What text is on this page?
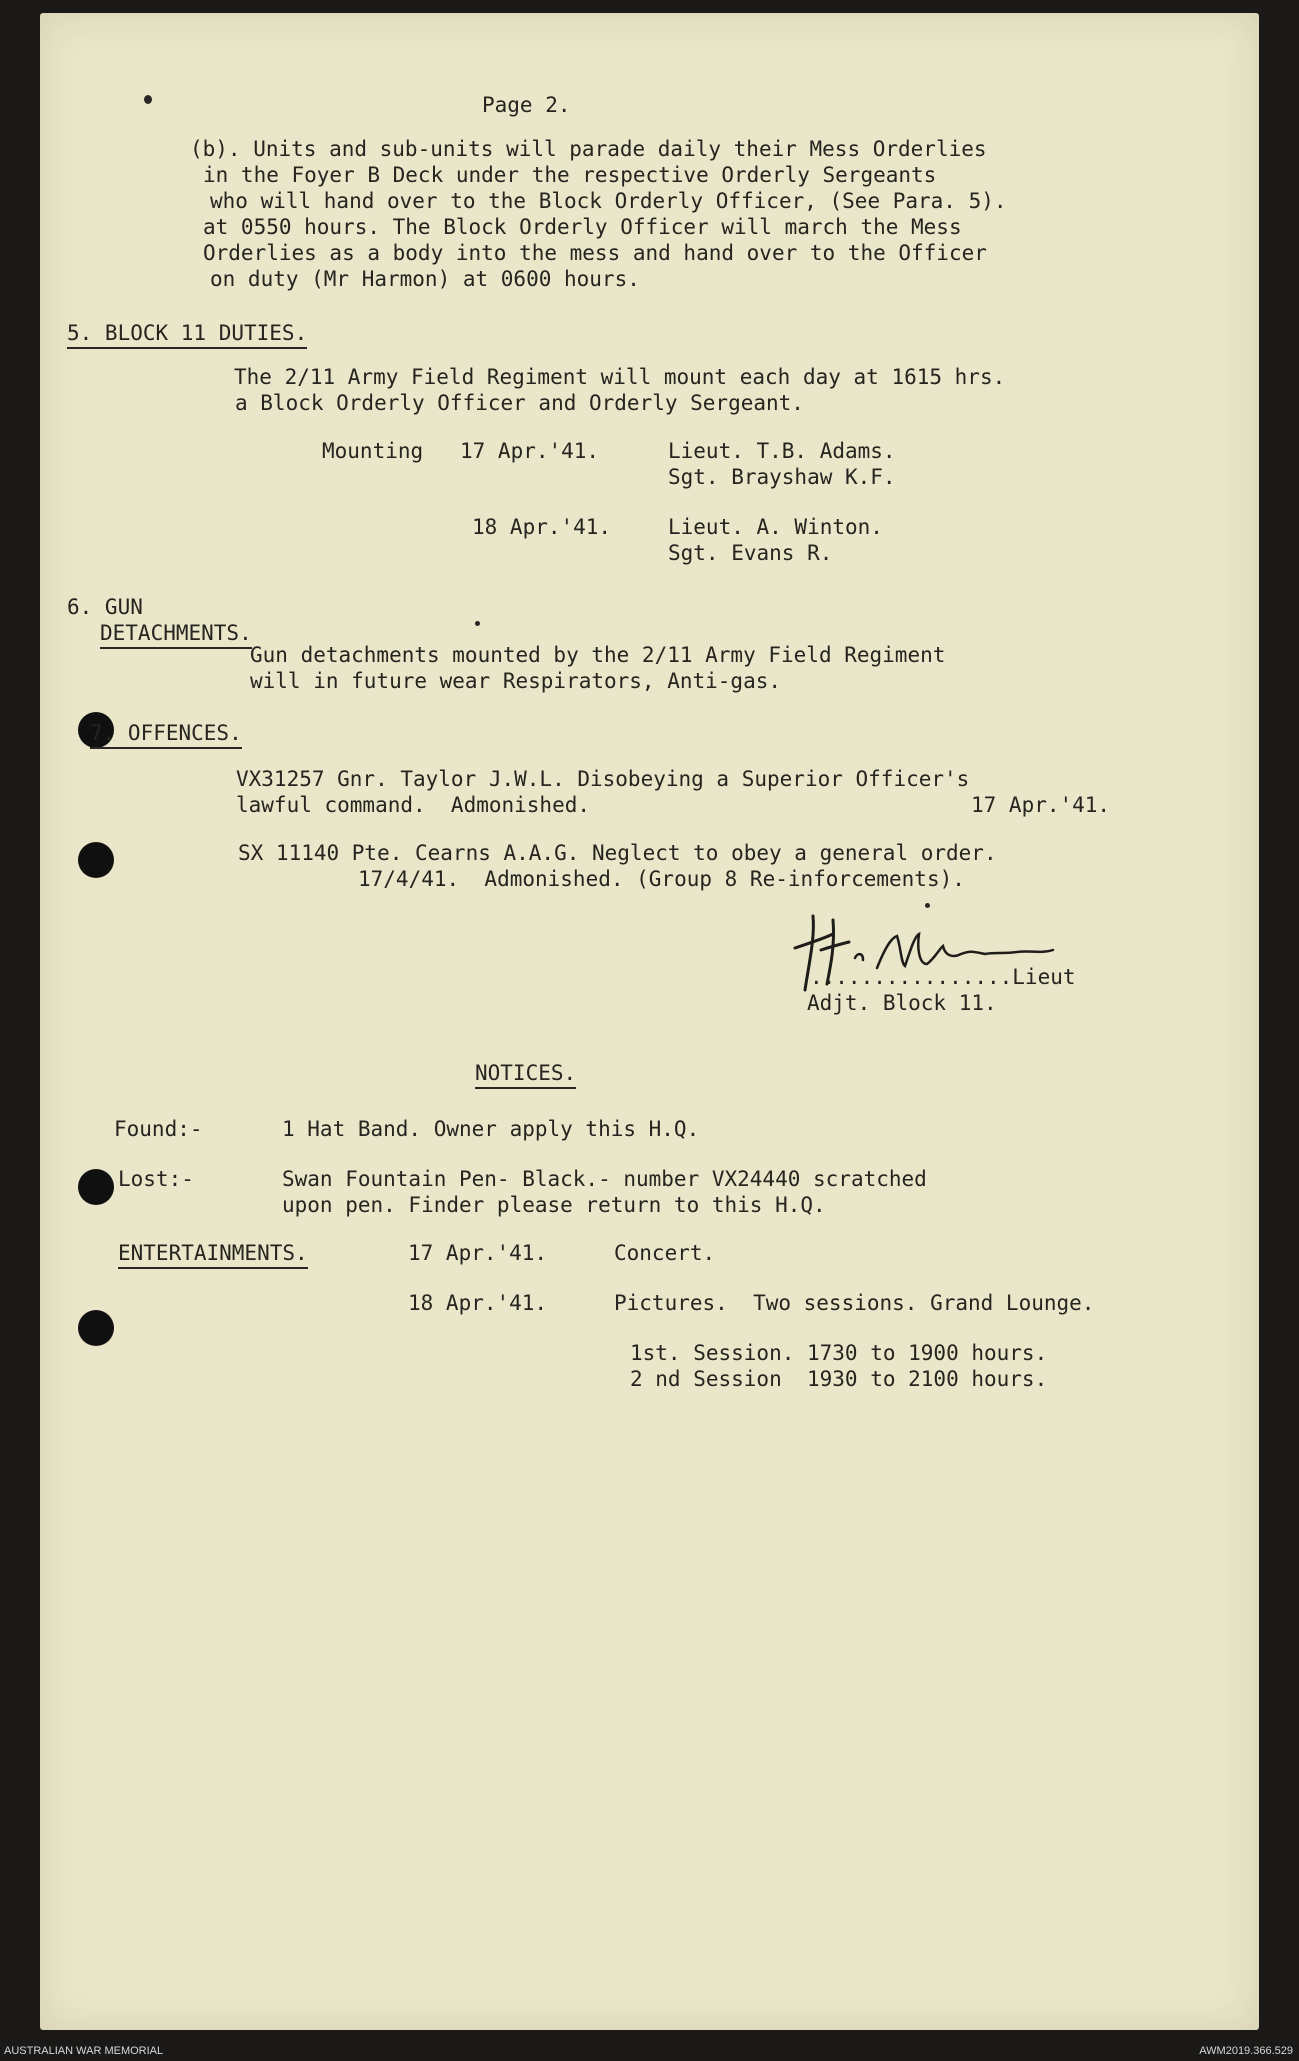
Page 2.
(b). Units and sub-units will parade daily their Mess Orderlies
in the Foyer B Deck under the respective Orderly Sergeants
who will hand over to the Block Orderly Officer, (See Para. 5).
at 0550 hours. The Block Orderly Officer will march the Mess
Orderlies as a body into the mess and hand over to the Officer
on duty (Mr Harmon) at 0600 hours.
5. BLOCK 11 DUTIES.
The 2/11 Army Field Regiment will mount each day at 1615 hrs.
a Block Orderly Officer and Orderly Sergeant.
Mounting 17 Apr.'41.	Lieut. T.B. Adams.
Sgt. Brayshaw K.F.
18 Apr.'41.	Lieut. A. Winton.
Sgt. Evans R.
6. GUN
DETACHMENTS.
Gun detachments mounted by the 2/11 Army Field Regiment
will in future wear Respirators, Anti-gas.
7. OFFENCES.
VX31257 Gnr. Taylor J.W.L. Disobeying a Superior Officer's
lawful command.  Admonished.	17 Apr.'41.
SX 11140 Pte. Cearns A.A.G. Neglect to obey a general order.
17/4/41.  Admonished. (Group 8 Re-inforcements).
................Lieut
Adjt. Block 11.
NOTICES.
Found:-	1 Hat Band. Owner apply this H.Q.
Lost:-	Swan Fountain Pen- Black.- number VX24440 scratched
upon pen. Finder please return to this H.Q.
ENTERTAINMENTS.	17 Apr.'41.	Concert.
18 Apr.'41.	Pictures.  Two sessions. Grand Lounge.
1st. Session. 1730 to 1900 hours.
2 nd Session  1930 to 2100 hours.
AUSTRALIAN WAR MEMORIAL	AWM2019.366.529
